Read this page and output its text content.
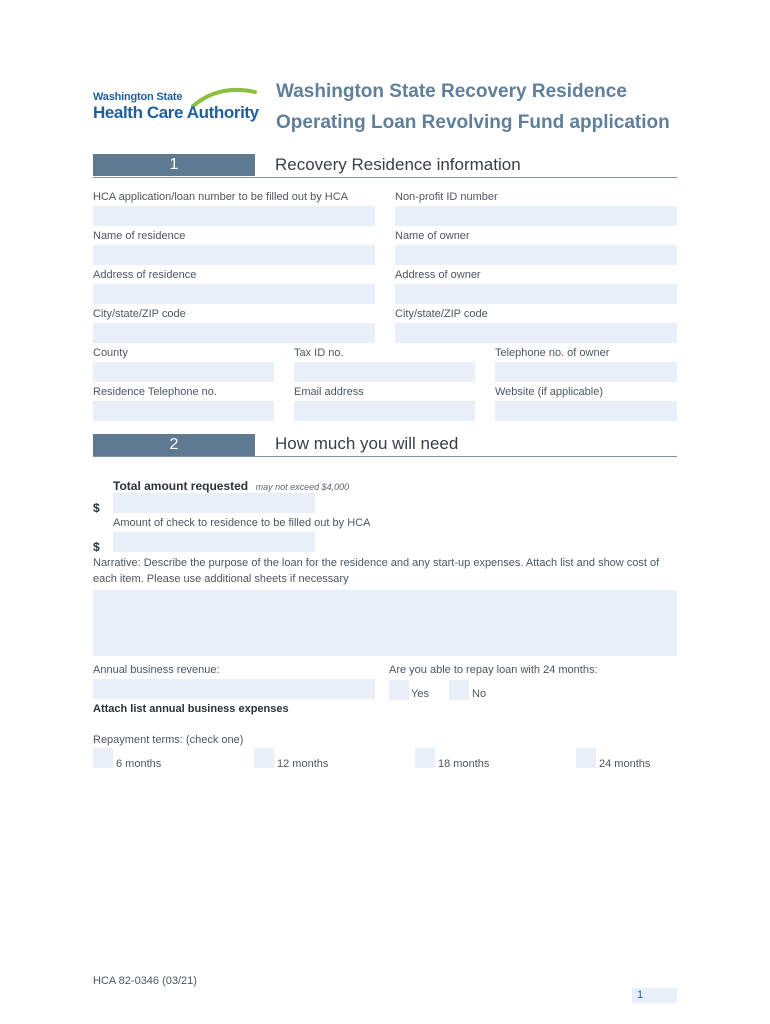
Washington State
Health Care Authority
Washington State Recovery Residence
Operating Loan Revolving Fund application
1	Recovery Residence information
HCA application/loan number to be filled out by HCA	Non-profit ID number
Name of residence	Name of owner
Address of residence	Address of owner
City/state/ZIP code	City/state/ZIP code
County	Tax ID no.	Telephone no. of owner
Residence Telephone no.	Email address	Website (if applicable)
2	How much you will need
Total amount requested may not exceed $4,000
$
Amount of check to residence to be filled out by HCA
$
Narrative: Describe the purpose of the loan for the residence and any start-up expenses. Attach list and show cost of each item. Please use additional sheets if necessary
Annual business revenue:	Are you able to repay loan with 24 months:
Yes	No
Attach list annual business expenses
Repayment terms: (check one)
6 months	12 months	18 months	24 months
HCA 82-0346 (03/21)
1
